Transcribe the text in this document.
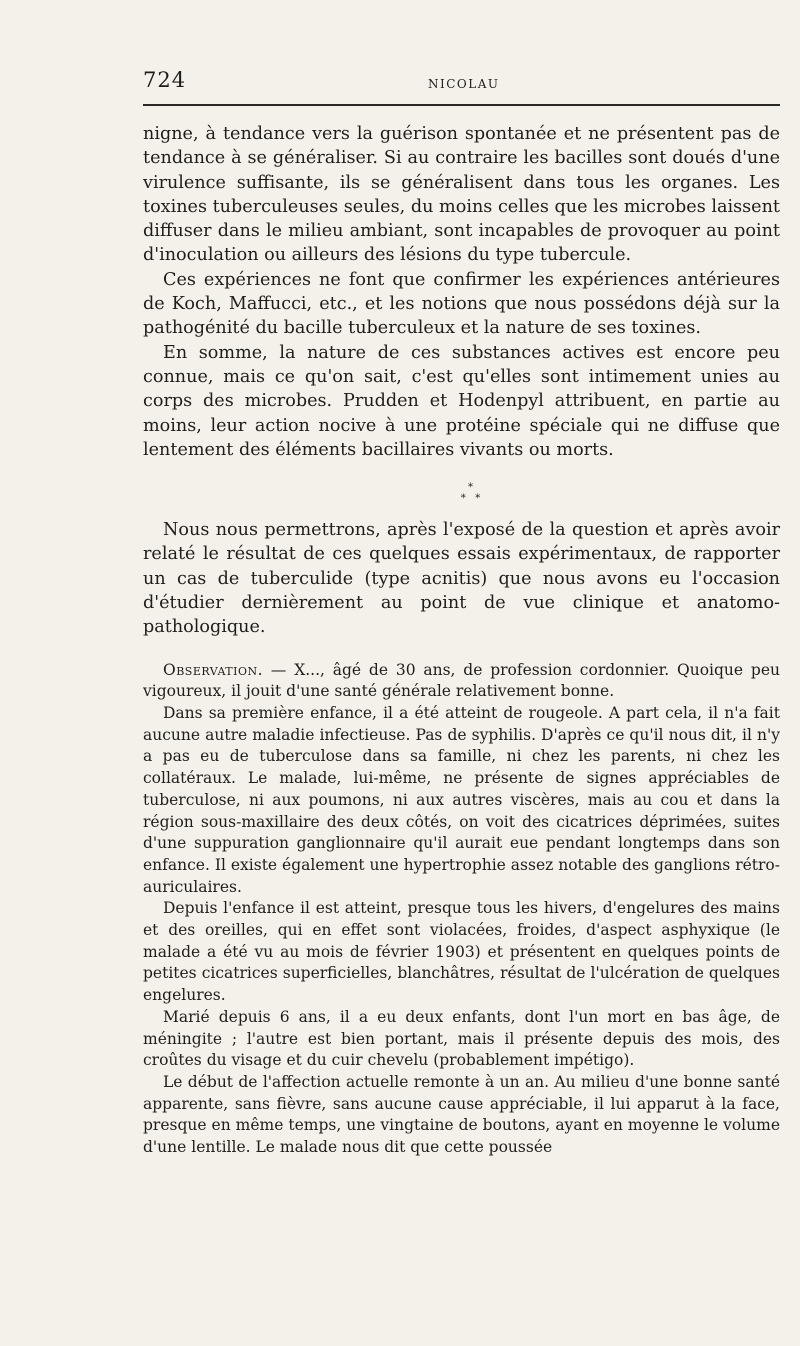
724	NICOLAU

nigne, à tendance vers la guérison spontanée et ne présentent pas de tendance à se généraliser. Si au contraire les bacilles sont doués d'une virulence suffisante, ils se généralisent dans tous les organes. Les toxines tuberculeuses seules, du moins celles que les microbes laissent diffuser dans le milieu ambiant, sont incapables de provoquer au point d'inoculation ou ailleurs des lésions du type tubercule.

Ces expériences ne font que confirmer les expériences antérieures de Koch, Maffucci, etc., et les notions que nous possédons déjà sur la pathogénité du bacille tuberculeux et la nature de ses toxines.

En somme, la nature de ces substances actives est encore peu connue, mais ce qu'on sait, c'est qu'elles sont intimement unies au corps des microbes. Prudden et Hodenpyl attribuent, en partie au moins, leur action nocive à une protéine spéciale qui ne diffuse que lentement des éléments bacillaires vivants ou morts.

*
*   *

Nous nous permettrons, après l'exposé de la question et après avoir relaté le résultat de ces quelques essais expérimentaux, de rapporter un cas de tuberculide (type acnitis) que nous avons eu l'occasion d'étudier dernièrement au point de vue clinique et anatomo-pathologique.

Observation. — X..., âgé de 30 ans, de profession cordonnier. Quoique peu vigoureux, il jouit d'une santé générale relativement bonne.

Dans sa première enfance, il a été atteint de rougeole. A part cela, il n'a fait aucune autre maladie infectieuse. Pas de syphilis. D'après ce qu'il nous dit, il n'y a pas eu de tuberculose dans sa famille, ni chez les parents, ni chez les collatéraux. Le malade, lui-même, ne présente de signes appréciables de tuberculose, ni aux poumons, ni aux autres viscères, mais au cou et dans la région sous-maxillaire des deux côtés, on voit des cicatrices déprimées, suites d'une suppuration ganglionnaire qu'il aurait eue pendant longtemps dans son enfance. Il existe également une hypertrophie assez notable des ganglions rétro-auriculaires.

Depuis l'enfance il est atteint, presque tous les hivers, d'engelures des mains et des oreilles, qui en effet sont violacées, froides, d'aspect asphyxique (le malade a été vu au mois de février 1903) et présentent en quelques points de petites cicatrices superficielles, blanchâtres, résultat de l'ulcération de quelques engelures.

Marié depuis 6 ans, il a eu deux enfants, dont l'un mort en bas âge, de méningite ; l'autre est bien portant, mais il présente depuis des mois, des croûtes du visage et du cuir chevelu (probablement impétigo).

Le début de l'affection actuelle remonte à un an. Au milieu d'une bonne santé apparente, sans fièvre, sans aucune cause appréciable, il lui apparut à la face, presque en même temps, une vingtaine de boutons, ayant en moyenne le volume d'une lentille. Le malade nous dit que cette poussée
